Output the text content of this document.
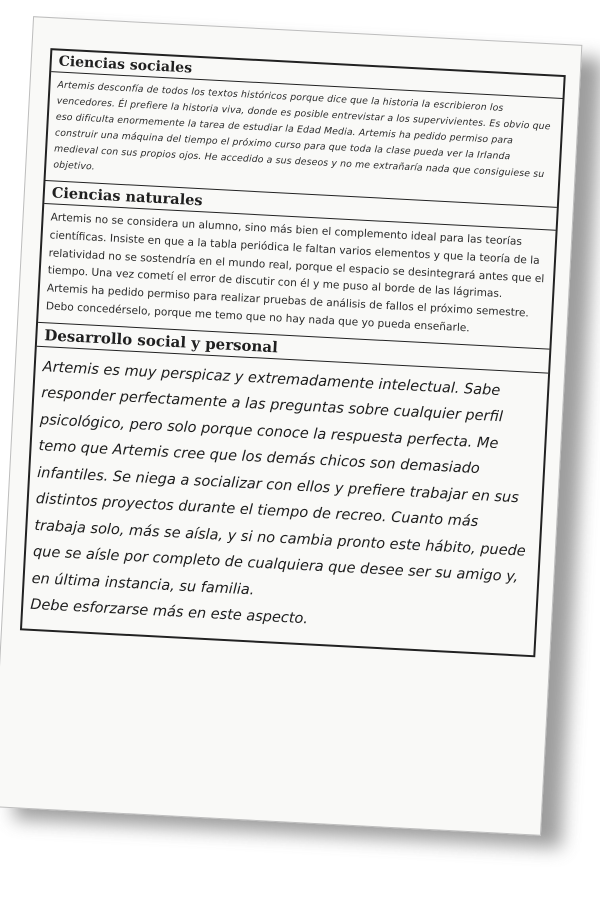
Ciencias sociales

Artemis desconfía de todos los textos históricos porque dice que la historia la escribieron los vencedores. Él prefiere la historia viva, donde es posible entrevistar a los supervivientes. Es obvio que eso dificulta enormemente la tarea de estudiar la Edad Media. Artemis ha pedido permiso para construir una máquina del tiempo el próximo curso para que toda la clase pueda ver la Irlanda medieval con sus propios ojos. He accedido a sus deseos y no me extrañaría nada que consiguiese su objetivo.

Ciencias naturales

Artemis no se considera un alumno, sino más bien el complemento ideal para las teorías científicas. Insiste en que a la tabla periódica le faltan varios elementos y que la teoría de la relatividad no se sostendría en el mundo real, porque el espacio se desintegrará antes que el tiempo. Una vez cometí el error de discutir con él y me puso al borde de las lágrimas. Artemis ha pedido permiso para realizar pruebas de análisis de fallos el próximo semestre. Debo concedérselo, porque me temo que no hay nada que yo pueda enseñarle.

Desarrollo social y personal
Artemis es muy perspicaz y extremadamente intelectual. Sabe responder perfectamente a las preguntas sobre cualquier perfil psicológico, pero solo porque conoce la respuesta perfecta. Me temo que Artemis cree que los demás chicos son demasiado infantiles. Se niega a socializar con ellos y prefiere trabajar en sus distintos proyectos durante el tiempo de recreo. Cuanto más trabaja solo, más se aísla, y si no cambia pronto este hábito, puede que se aísle por completo de cualquiera que desee ser su amigo y, en última instancia, su familia.
Debe esforzarse más en este aspecto.
